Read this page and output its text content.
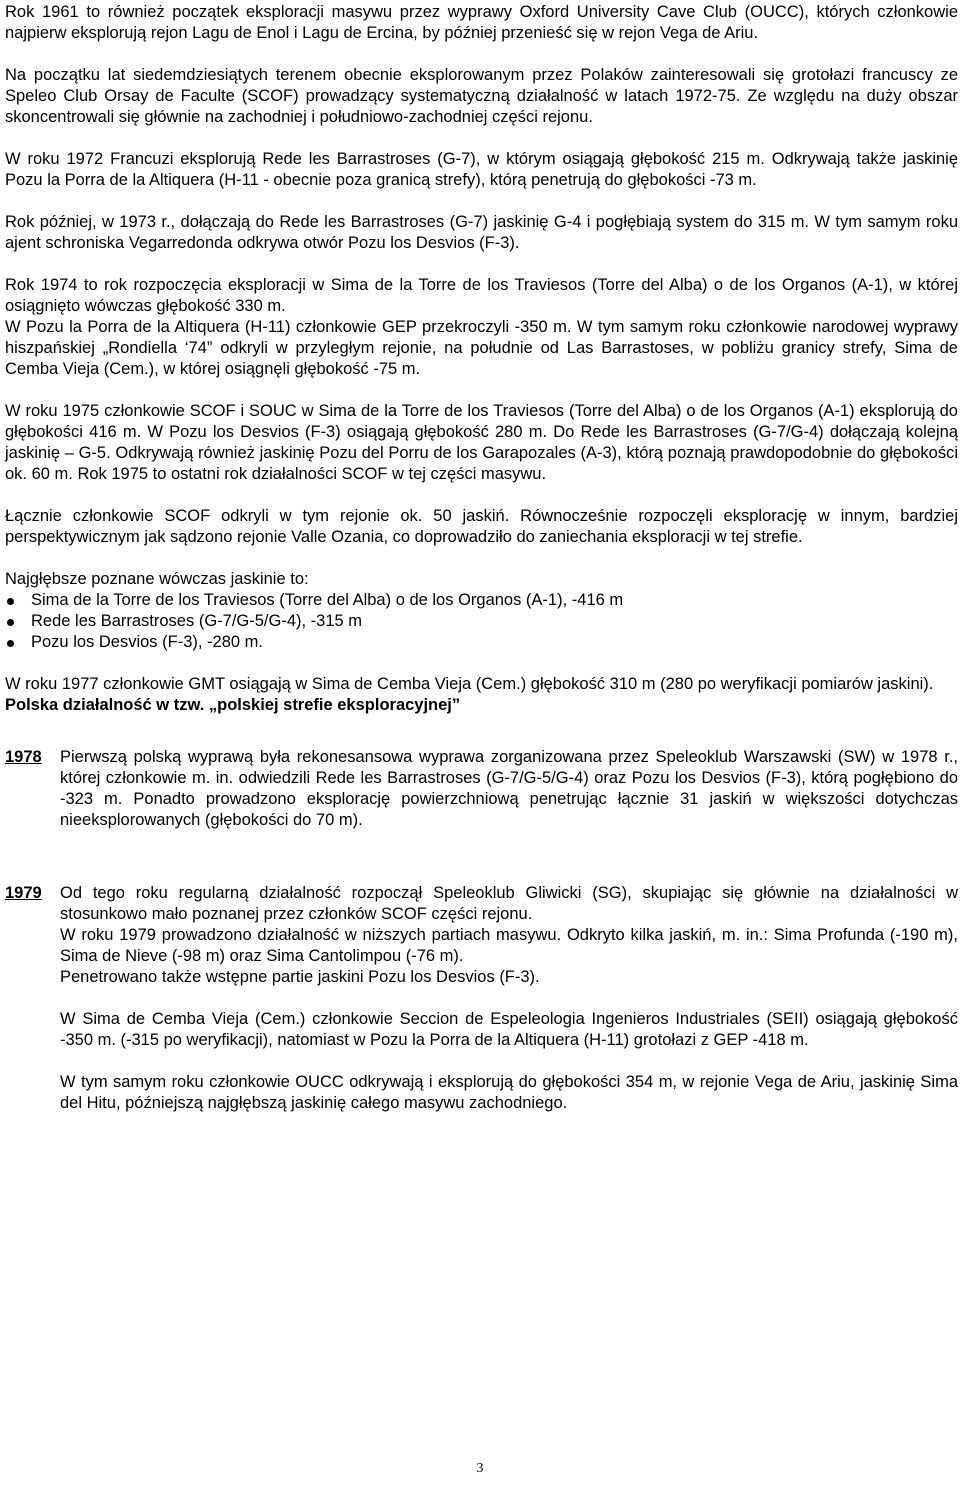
Rok 1961 to również początek eksploracji masywu przez wyprawy Oxford University Cave Club (OUCC), których członkowie najpierw eksplorują rejon Lagu de Enol i Lagu de Ercina, by później przenieść się w rejon Vega de Ariu.

Na początku lat siedemdziesiątych terenem obecnie eksplorowanym przez Polaków zainteresowali się grotołazi francuscy ze Speleo Club Orsay de Faculte (SCOF) prowadzący systematyczną działalność w latach 1972-75. Ze względu na duży obszar skoncentrowali się głównie na zachodniej i południowo-zachodniej części rejonu.

W roku 1972 Francuzi eksplorują Rede les Barrastroses (G-7), w którym osiągają głębokość 215 m. Odkrywają także jaskinię Pozu la Porra de la Altiquera (H-11 - obecnie poza granicą strefy), którą penetrują do głębokości -73 m.

Rok później, w 1973 r., dołączają do Rede les Barrastroses (G-7) jaskinię G-4 i pogłębiają system do 315 m. W tym samym roku ajent schroniska Vegarredonda odkrywa otwór Pozu los Desvios (F-3).

Rok 1974 to rok rozpoczęcia eksploracji w Sima de la Torre de los Traviesos (Torre del Alba) o de los Organos (A-1), w której osiągnięto wówczas głębokość 330 m.

W Pozu la Porra de la Altiquera (H-11) członkowie GEP przekroczyli -350 m. W tym samym roku członkowie narodowej wyprawy hiszpańskiej „Rondiella ‘74” odkryli w przyległym rejonie, na południe od Las Barrastoses, w pobliżu granicy strefy, Sima de Cemba Vieja (Cem.), w której osiągnęli głębokość -75 m.

W roku 1975 członkowie SCOF i SOUC w Sima de la Torre de los Traviesos (Torre del Alba) o de los Organos (A-1) eksplorują do głębokości 416 m. W Pozu los Desvios (F-3) osiągają głębokość 280 m. Do Rede les Barrastroses (G-7/G-4) dołączają kolejną jaskinię – G-5. Odkrywają również jaskinię Pozu del Porru de los Garapozales (A-3), którą poznają prawdopodobnie do głębokości ok. 60 m. Rok 1975 to ostatni rok działalności SCOF w tej części masywu.

Łącznie członkowie SCOF odkryli w tym rejonie ok. 50 jaskiń. Równocześnie rozpoczęli eksplorację w innym, bardziej perspektywicznym jak sądzono rejonie Valle Ozania, co doprowadziło do zaniechania eksploracji w tej strefie.

Najgłębsze poznane wówczas jaskinie to:

Sima de la Torre de los Traviesos (Torre del Alba) o de los Organos (A-1), -416 m
Rede les Barrastroses (G-7/G-5/G-4), -315 m
Pozu los Desvios (F-3), -280 m.

W roku 1977 członkowie GMT osiągają w Sima de Cemba Vieja (Cem.) głębokość 310 m (280 po weryfikacji pomiarów jaskini).

Polska działalność w tzw. „polskiej strefie eksploracyjnej”

1978	Pierwszą polską wyprawą była rekonesansowa wyprawa zorganizowana przez Speleoklub Warszawski (SW) w 1978 r., której członkowie m. in. odwiedzili Rede les Barrastroses (G-7/G-5/G-4) oraz Pozu los Desvios (F-3), którą pogłębiono do -323 m. Ponadto prowadzono eksplorację powierzchniową penetrując łącznie 31 jaskiń w większości dotychczas nieeksplorowanych (głębokości do 70 m).

1979	Od tego roku regularną działalność rozpoczął Speleoklub Gliwicki (SG), skupiając się głównie na działalności w stosunkowo mało poznanej przez członków SCOF części rejonu.

W roku 1979 prowadzono działalność w niższych partiach masywu. Odkryto kilka jaskiń, m. in.: Sima Profunda (-190 m), Sima de Nieve (-98 m) oraz Sima Cantolimpou (-76 m).

Penetrowano także wstępne partie jaskini Pozu los Desvios (F-3).

W Sima de Cemba Vieja (Cem.) członkowie Seccion de Espeleologia Ingenieros Industriales (SEII) osiągają głębokość -350 m. (-315 po weryfikacji), natomiast w Pozu la Porra de la Altiquera (H-11) grotołazi z GEP -418 m.

W tym samym roku członkowie OUCC odkrywają i eksplorują do głębokości 354 m, w rejonie Vega de Ariu, jaskinię Sima del Hitu, późniejszą najgłębszą jaskinię całego masywu zachodniego.

3
